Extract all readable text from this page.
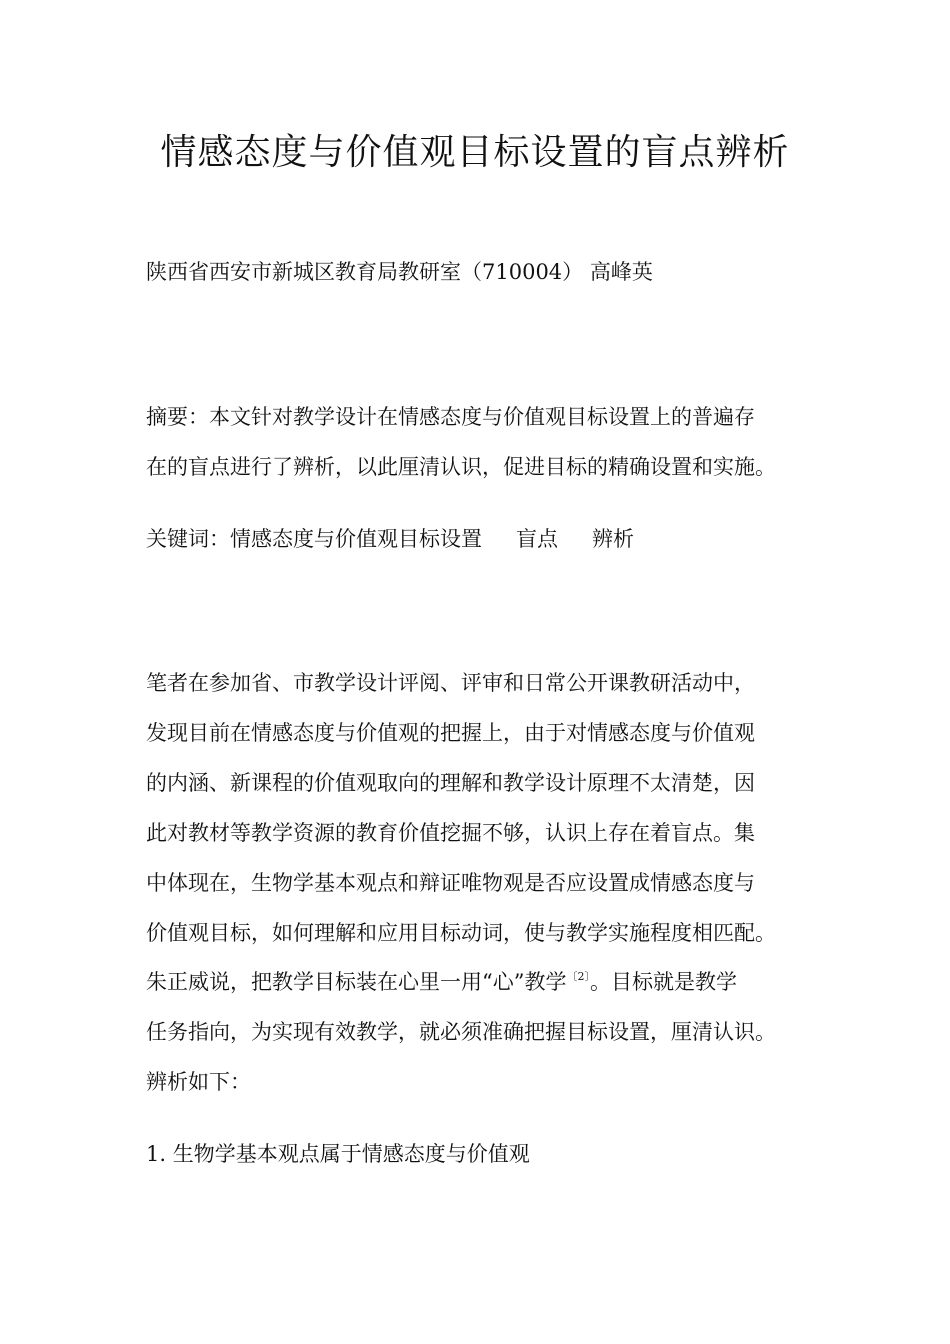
情感态度与价值观目标设置的盲点辨析
陕西省西安市新城区教育局教研室（710004） 高峰英
摘要：本文针对教学设计在情感态度与价值观目标设置上的普遍存
在的盲点进行了辨析，以此厘清认识，促进目标的精确设置和实施。
关键词：情感态度与价值观目标设置 盲点 辨析
笔者在参加省、市教学设计评阅、评审和日常公开课教研活动中，
发现目前在情感态度与价值观的把握上，由于对情感态度与价值观
的内涵、新课程的价值观取向的理解和教学设计原理不太清楚，因
此对教材等教学资源的教育价值挖掘不够，认识上存在着盲点。集
中体现在，生物学基本观点和辩证唯物观是否应设置成情感态度与
价值观目标，如何理解和应用目标动词，使与教学实施程度相匹配。
朱正威说，把教学目标装在心里一用“心”教学$^{〔2〕}$。目标就是教学
任务指向，为实现有效教学，就必须准确把握目标设置，厘清认识。
辨析如下：
1. 生物学基本观点属于情感态度与价值观
